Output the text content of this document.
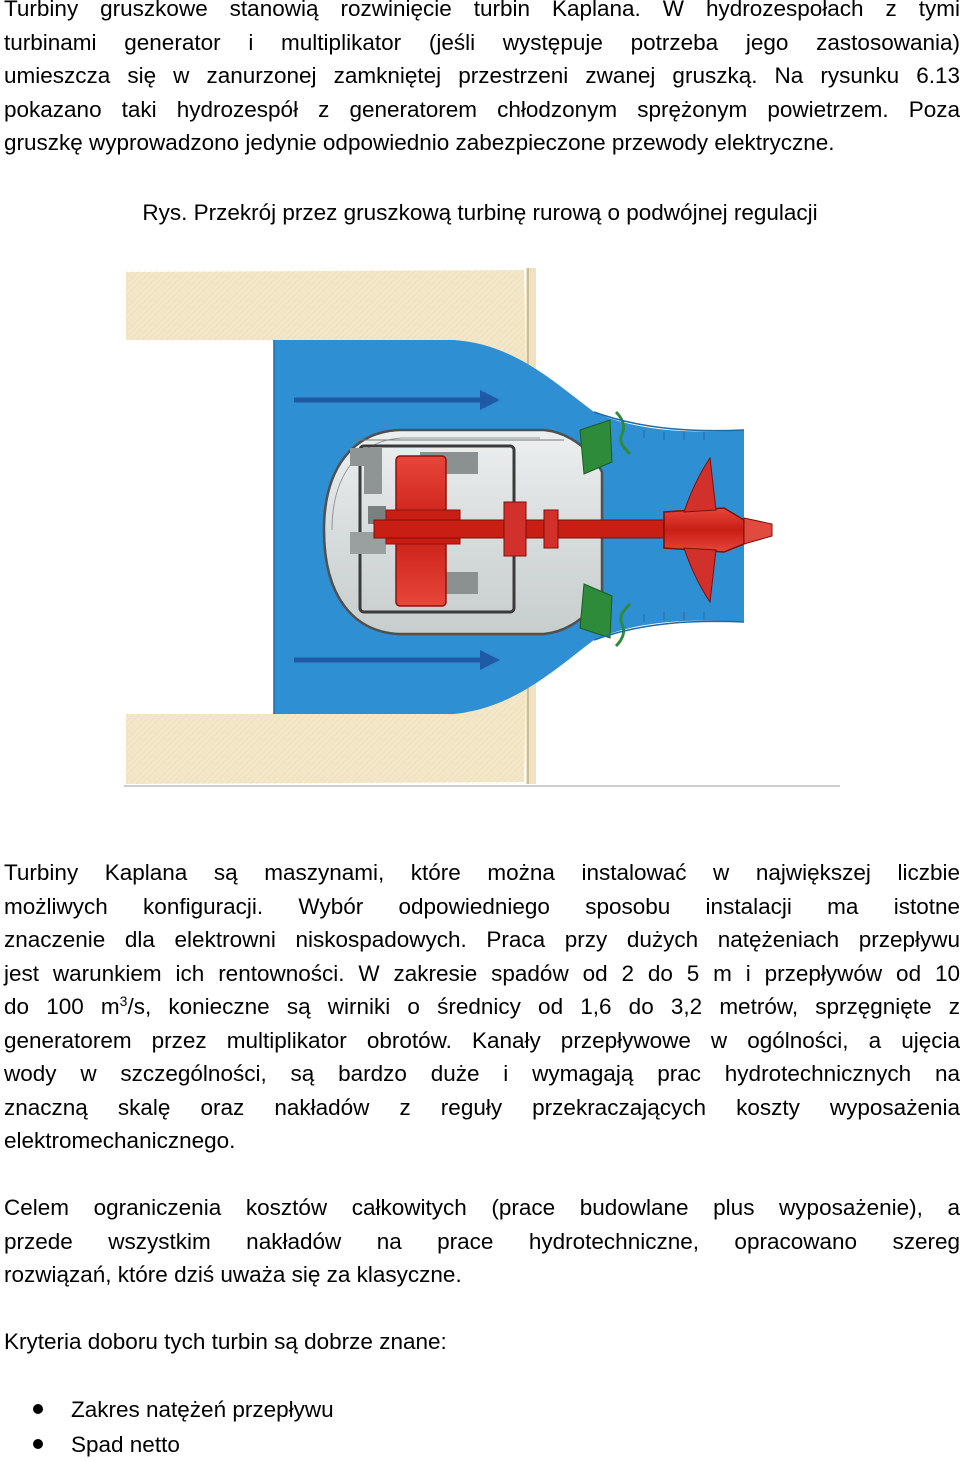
Turbiny gruszkowe stanowią rozwinięcie turbin Kaplana. W hydrozespołach z tymi
turbinami generator i multiplikator (jeśli występuje potrzeba jego zastosowania)
umieszcza się w zanurzonej zamkniętej przestrzeni zwanej gruszką. Na rysunku 6.13
pokazano taki hydrozespół z generatorem chłodzonym sprężonym powietrzem. Poza
gruszkę wyprowadzono jedynie odpowiednio zabezpieczone przewody elektryczne.

Rys. Przekrój przez gruszkową turbinę rurową o podwójnej regulacji

Turbiny Kaplana są maszynami, które można instalować w największej liczbie
możliwych konfiguracji. Wybór odpowiedniego sposobu instalacji ma istotne
znaczenie dla elektrowni niskospadowych. Praca przy dużych natężeniach przepływu
jest warunkiem ich rentowności. W zakresie spadów od 2 do 5 m i przepływów od 10
do 100 $m^3/s$, konieczne są wirniki o średnicy od 1,6 do 3,2 metrów, sprzęgnięte z
generatorem przez multiplikator obrotów. Kanały przepływowe w ogólności, a ujęcia
wody w szczególności, są bardzo duże i wymagają prac hydrotechnicznych na
znaczną skalę oraz nakładów z reguły przekraczających koszty wyposażenia
elektromechanicznego.
Celem ograniczenia kosztów całkowitych (prace budowlane plus wyposażenie), a
przede wszystkim nakładów na prace hydrotechniczne, opracowano szereg
rozwiązań, które dziś uważa się za klasyczne.
Kryteria doboru tych turbin są dobrze znane:
Zakres natężeń przepływu
Spad netto
